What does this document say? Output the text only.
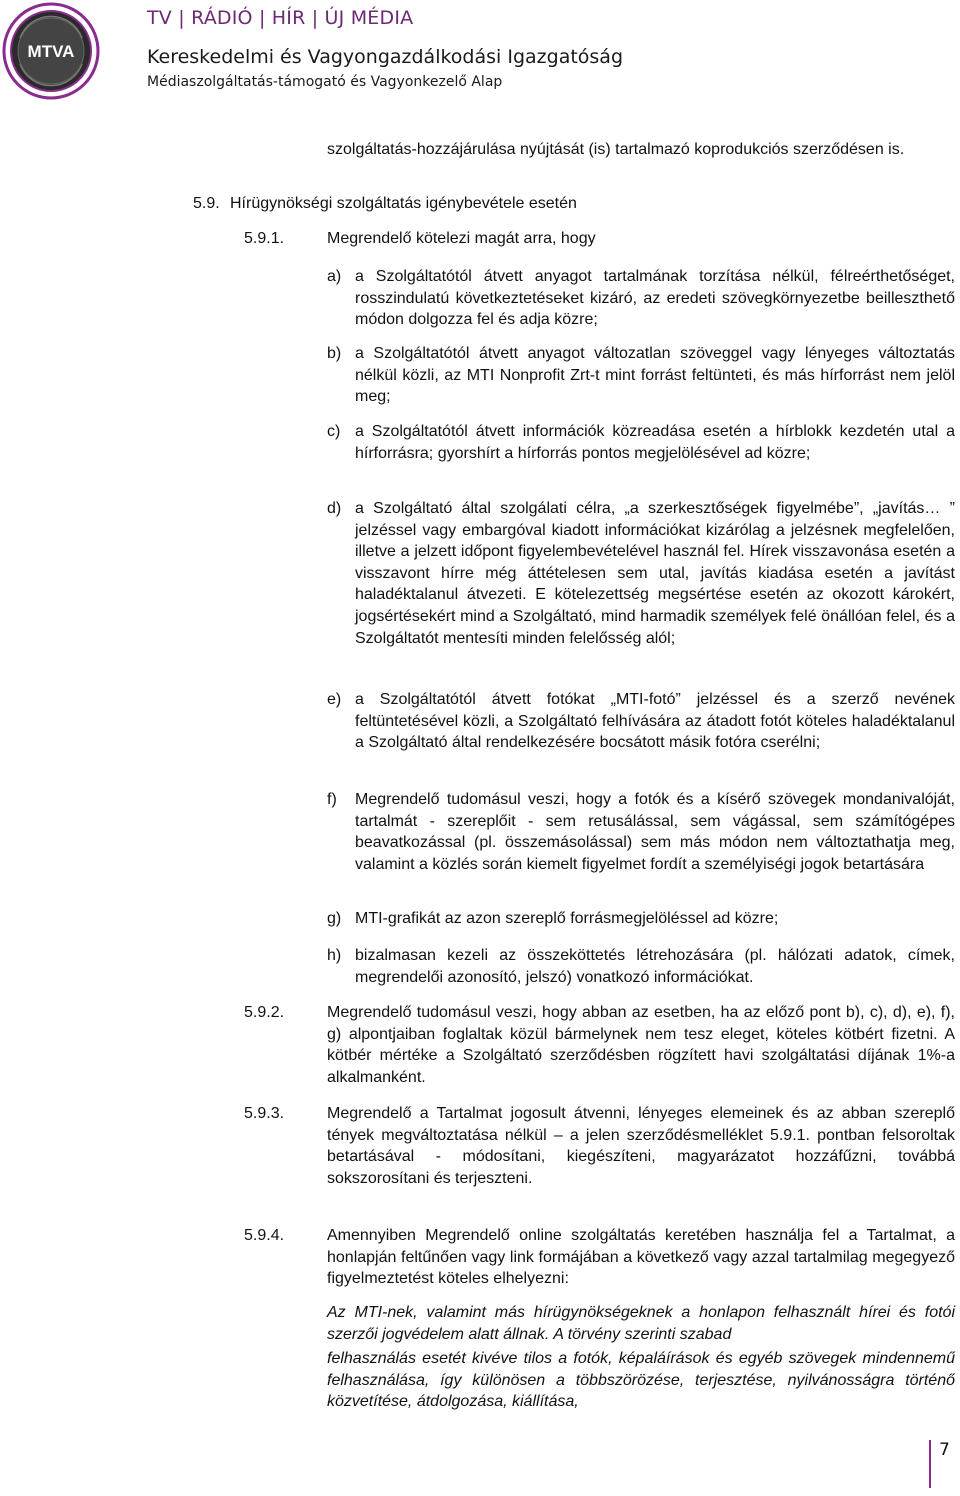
MTVA
TV | RÁDIÓ | HÍR | ÚJ MÉDIA
Kereskedelmi és Vagyongazdálkodási Igazgatóság
Médiaszolgáltatás-támogató és Vagyonkezelő Alap
szolgáltatás-hozzájárulása nyújtását (is) tartalmazó koprodukciós szerződésen is.
5.9. Hírügynökségi szolgáltatás igénybevétele esetén
5.9.1.	Megrendelő kötelezi magát arra, hogy
a) a Szolgáltatótól átvett anyagot tartalmának torzítása nélkül, félreérthetőséget, rosszindulatú következtetéseket kizáró, az eredeti szövegkörnyezetbe beilleszthető módon dolgozza fel és adja közre;
b) a Szolgáltatótól átvett anyagot változatlan szöveggel vagy lényeges változtatás nélkül közli, az MTI Nonprofit Zrt-t mint forrást feltünteti, és más hírforrást nem jelöl meg;
c) a Szolgáltatótól átvett információk közreadása esetén a hírblokk kezdetén utal a hírforrásra; gyorshírt a hírforrás pontos megjelölésével ad közre;
d) a Szolgáltató által szolgálati célra, „a szerkesztőségek figyelmébe”, „javítás… ” jelzéssel vagy embargóval kiadott információkat kizárólag a jelzésnek megfelelően, illetve a jelzett időpont figyelembevételével használ fel. Hírek visszavonása esetén a visszavont hírre még áttételesen sem utal, javítás kiadása esetén a javítást haladéktalanul átvezeti. E kötelezettség megsértése esetén az okozott károkért, jogsértésekért mind a Szolgáltató, mind harmadik személyek felé önállóan felel, és a Szolgáltatót mentesíti minden felelősség alól;
e) a Szolgáltatótól átvett fotókat „MTI-fotó” jelzéssel és a szerző nevének feltüntetésével közli, a Szolgáltató felhívására az átadott fotót köteles haladéktalanul a Szolgáltató által rendelkezésére bocsátott másik fotóra cserélni;
f) Megrendelő tudomásul veszi, hogy a fotók és a kísérő szövegek mondanivalóját, tartalmát - szereplőit - sem retusálással, sem vágással, sem számítógépes beavatkozással (pl. összemásolással) sem más módon nem változtathatja meg, valamint a közlés során kiemelt figyelmet fordít a személyiségi jogok betartására
g) MTI-grafikát az azon szereplő forrásmegjelöléssel ad közre;
h) bizalmasan kezeli az összeköttetés létrehozására (pl. hálózati adatok, címek, megrendelői azonosító, jelszó) vonatkozó információkat.
5.9.2.	Megrendelő tudomásul veszi, hogy abban az esetben, ha az előző pont b), c), d), e), f), g) alpontjaiban foglaltak közül bármelynek nem tesz eleget, köteles kötbért fizetni. A kötbér mértéke a Szolgáltató szerződésben rögzített havi szolgáltatási díjának 1%-a alkalmanként.
5.9.3.	Megrendelő a Tartalmat jogosult átvenni, lényeges elemeinek és az abban szereplő tények megváltoztatása nélkül – a jelen szerződésmelléklet 5.9.1. pontban felsoroltak betartásával - módosítani, kiegészíteni, magyarázatot hozzáfűzni, továbbá sokszorosítani és terjeszteni.
5.9.4.	Amennyiben Megrendelő online szolgáltatás keretében használja fel a Tartalmat, a honlapján feltűnően vagy link formájában a következő vagy azzal tartalmilag megegyező figyelmeztetést köteles elhelyezni:
Az MTI-nek, valamint más hírügynökségeknek a honlapon felhasznált hírei és fotói szerzői jogvédelem alatt állnak. A törvény szerinti szabad
felhasználás esetét kivéve tilos a fotók, képaláírások és egyéb szövegek mindennemű felhasználása, így különösen a többszörözése, terjesztése, nyilvánosságra történő közvetítése, átdolgozása, kiállítása,
7
